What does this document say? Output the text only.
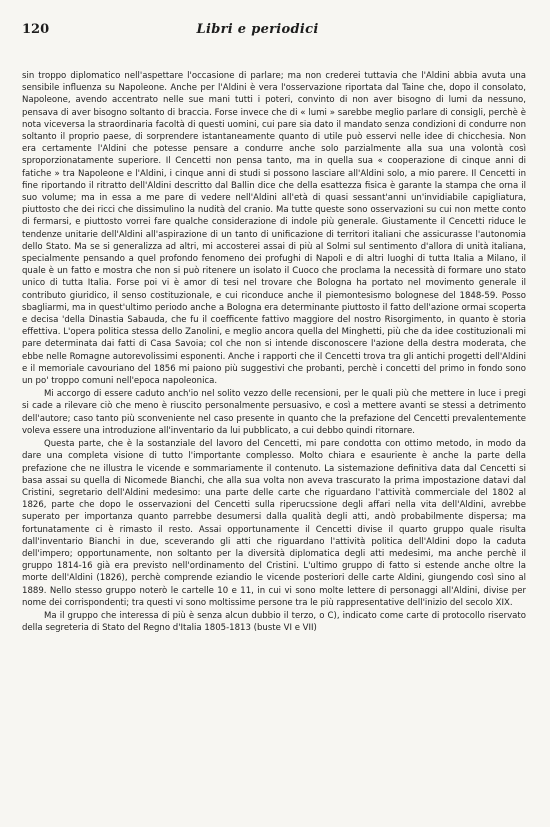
120	Libri e periodici

sin troppo diplomatico nell'aspettare l'occasione di parlare; ma non crederei tuttavia che l'Aldini abbia avuta una sensibile influenza su Napoleone. Anche per l'Aldini è vera l'osservazione riportata dal Taine che, dopo il consolato, Napoleone, avendo accentrato nelle sue mani tutti i poteri, convinto di non aver bisogno di lumi da nessuno, pensava di aver bisogno soltanto di braccia. Forse invece che di « lumi » sarebbe meglio parlare di consigli, perchè è nota viceversa la straordinaria facoltà di questi uomini, cui pare sia dato il mandato senza condizioni di condurre non soltanto il proprio paese, di sorprendere istantaneamente quanto di utile può esservi nelle idee di chicchesia. Non era certamente l'Aldini che potesse pensare a condurre anche solo parzialmente alla sua una volontà così sproporzionatamente superiore. Il Cencetti non pensa tanto, ma in quella sua « cooperazione di cinque anni di fatiche » tra Napoleone e l'Aldini, i cinque anni di studi si possono lasciare all'Aldini solo, a mio parere. Il Cencetti in fine riportando il ritratto dell'Aldini descritto dal Ballin dice che della esattezza fisica è garante la stampa che orna il suo volume; ma in essa a me pare di vedere nell'Aldini all'età di quasi sessant'anni un'invidiabile capigliatura, piuttosto che dei ricci che dissimulino la nudità del cranio. Ma tutte queste sono osservazioni su cui non mette conto di fermarsi, e piuttosto vorrei fare qualche considerazione di indole più generale. Giustamente il Cencetti riduce le tendenze unitarie dell'Aldini all'aspirazione di un tanto di unificazione di territori italiani che assicurasse l'autonomia dello Stato. Ma se si generalizza ad altri, mi accosterei assai di più al Solmi sul sentimento d'allora di unità italiana, specialmente pensando a quel profondo fenomeno dei profughi di Napoli e di altri luoghi di tutta Italia a Milano, il quale è un fatto e mostra che non si può ritenere un isolato il Cuoco che proclama la necessità di formare uno stato unico di tutta Italia. Forse poi vi è amor di tesi nel trovare che Bologna ha portato nel movimento generale il contributo giuridico, il senso costituzionale, e cui riconduce anche il piemontesismo bolognese del 1848-59. Posso sbagliarmi, ma in quest'ultimo periodo anche a Bologna era determinante piuttosto il fatto dell'azione ormai scoperta e decisa 'della Dinastia Sabauda, che fu il coefficente fattivo maggiore del nostro Risorgimento, in quanto è storia effettiva. L'opera politica stessa dello Zanolini, e meglio ancora quella del Minghetti, più che da idee costituzionali mi pare determinata dai fatti di Casa Savoia; col che non si intende disconoscere l'azione della destra moderata, che ebbe nelle Romagne autorevolissimi esponenti. Anche i rapporti che il Cencetti trova tra gli antichi progetti dell'Aldini e il memoriale cavouriano del 1856 mi paiono più suggestivi che probanti, perchè i concetti del primo in fondo sono un po' troppo comuni nell'epoca napoleonica.

Mi accorgo di essere caduto anch'io nel solito vezzo delle recensioni, per le quali più che mettere in luce i pregi si cade a rilevare ciò che meno è riuscito personalmente persuasivo, e così a mettere avanti se stessi a detrimento dell'autore; caso tanto più sconveniente nel caso presente in quanto che la prefazione del Cencetti prevalentemente voleva essere una introduzione all'inventario da lui pubblicato, a cui debbo quindi ritornare.

Questa parte, che è la sostanziale del lavoro del Cencetti, mi pare condotta con ottimo metodo, in modo da dare una completa visione di tutto l'importante complesso. Molto chiara e esauriente è anche la parte della prefazione che ne illustra le vicende e sommariamente il contenuto. La sistemazione definitiva data dal Cencetti si basa assai su quella di Nicomede Bianchi, che alla sua volta non aveva trascurato la prima impostazione datavi dal Cristini, segretario dell'Aldini medesimo: una parte delle carte che riguardano l'attività commerciale del 1802 al 1826, parte che dopo le osservazioni del Cencetti sulla riperucssione degli affari nella vita dell'Aldini, avrebbe superato per importanza quanto parrebbe desumersi dalla qualità degli atti, andò probabilmente dispersa; ma fortunatamente ci è rimasto il resto. Assai opportunamente il Cencetti divise il quarto gruppo quale risulta dall'inventario Bianchi in due, sceverando gli atti che riguardano l'attività politica dell'Aldini dopo la caduta dell'impero; opportunamente, non soltanto per la diversità diplomatica degli atti medesimi, ma anche perchè il gruppo 1814-16 già era previsto nell'ordinamento del Cristini. L'ultimo gruppo di fatto si estende anche oltre la morte dell'Aldini (1826), perchè comprende eziandio le vicende posteriori delle carte Aldini, giungendo così sino al 1889. Nello stesso gruppo noterò le cartelle 10 e 11, in cui vi sono molte lettere di personaggi all'Aldini, divise per nome dei corrispondenti; tra questi vi sono moltissime persone tra le più rappresentative dell'inizio del secolo XIX.

Ma il gruppo che interessa di più è senza alcun dubbio il terzo, o C), indicato come carte di protocollo riservato della segreteria di Stato del Regno d'Italia 1805-1813 (buste VI e VII)
